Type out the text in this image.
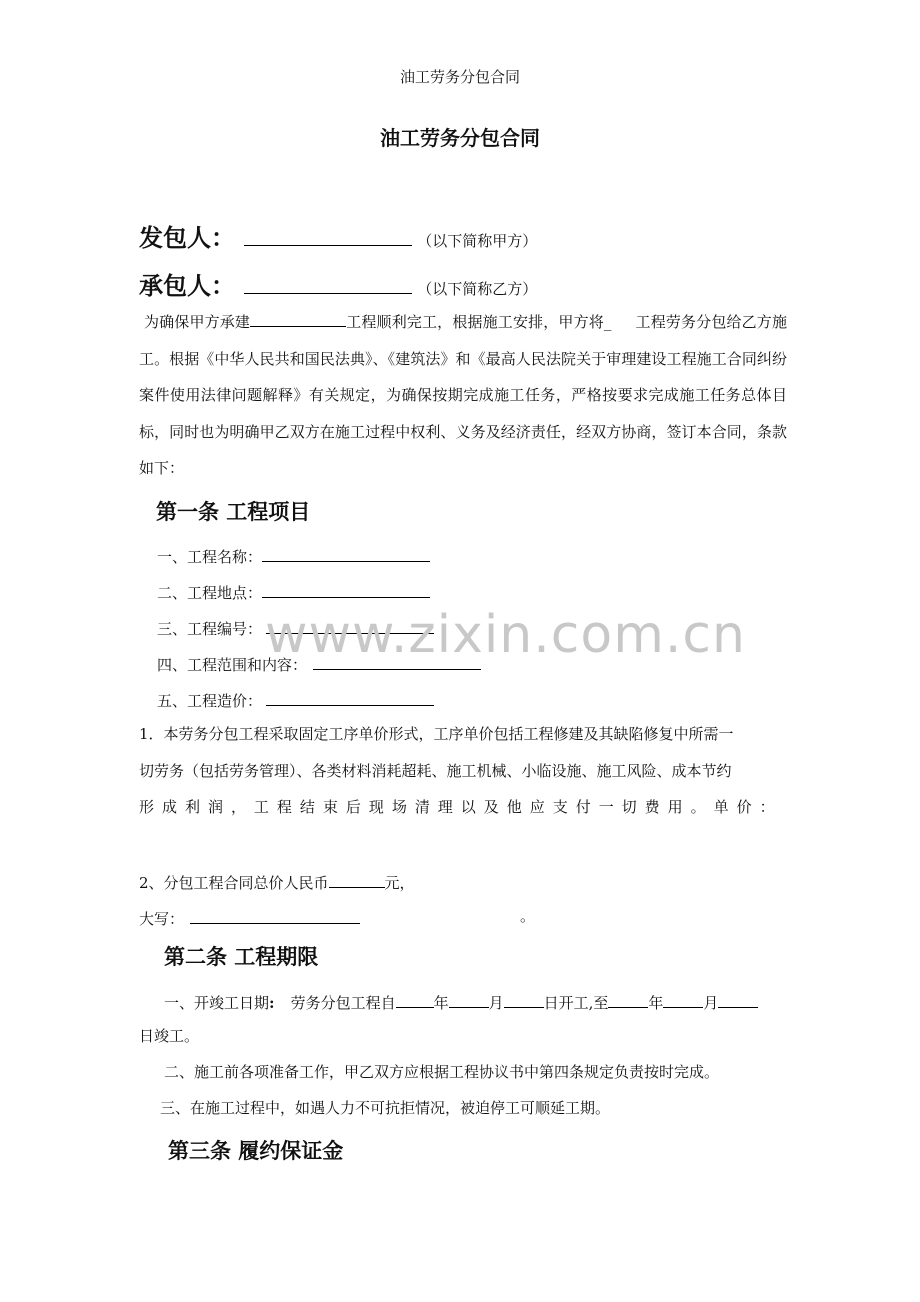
油工劳务分包合同
油工劳务分包合同
发包人：	（以下简称甲方）
承包人：	（以下简称乙方）
为确保甲方承建	工程顺利完工，根据施工安排，甲方将_ 工程劳务分包给乙方施工。根据《中华人民共和国民法典》、《建筑法》和《最高人民法院关于审理建设工程施工合同纠纷案件使用法律问题解释》有关规定，为确保按期完成施工任务，严格按要求完成施工任务总体目标，同时也为明确甲乙双方在施工过程中权利、义务及经济责任，经双方协商，签订本合同，条款如下：
第一条 工程项目
一、工程名称：
二、工程地点：
三、工程编号：
四、工程范围和内容：
五、工程造价：
1．本劳务分包工程采取固定工序单价形式，工序单价包括工程修建及其缺陷修复中所需一
切劳务（包括劳务管理）、各类材料消耗超耗、施工机械、小临设施、施工风险、成本节约
形 成 利 润 ， 工 程 结 束 后 现 场 清 理 以 及 他 应 支 付 一 切 费 用 。 单 价 ：
2、分包工程合同总价人民币	元，
大写：	。
第二条 工程期限
一、开竣工日期: 劳务分包工程自	年	月	日开工,至	年	月
日竣工。
二、施工前各项准备工作，甲乙双方应根据工程协议书中第四条规定负责按时完成。
三、在施工过程中，如遇人力不可抗拒情况，被迫停工可顺延工期。
第三条 履约保证金
www.zixin.com.cn
